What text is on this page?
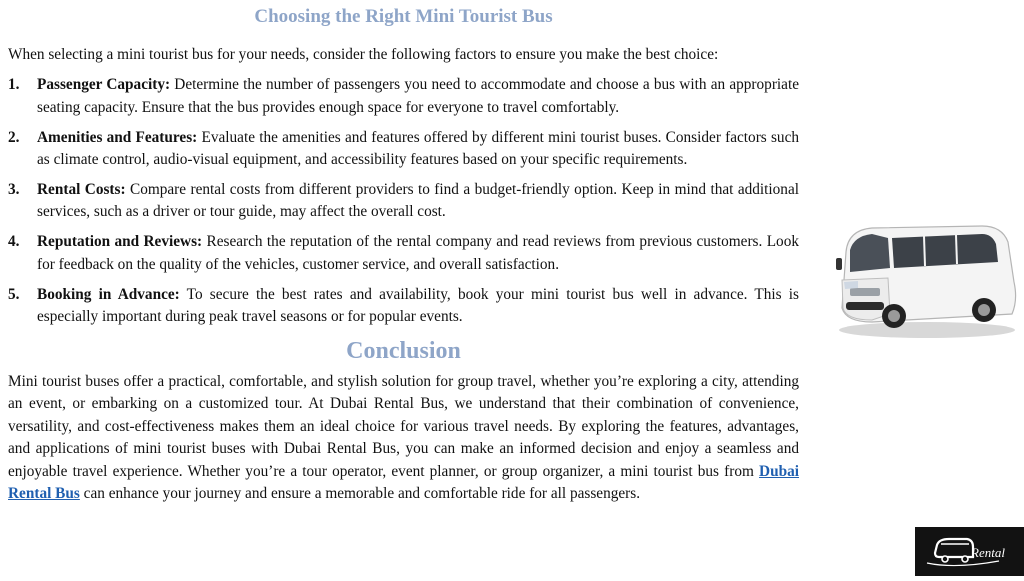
Choosing the Right Mini Tourist Bus

When selecting a mini tourist bus for your needs, consider the following factors to ensure you make the best choice:

1. Passenger Capacity: Determine the number of passengers you need to accommodate and choose a bus with an appropriate seating capacity. Ensure that the bus provides enough space for everyone to travel comfortably.
2. Amenities and Features: Evaluate the amenities and features offered by different mini tourist buses. Consider factors such as climate control, audio-visual equipment, and accessibility features based on your specific requirements.
3. Rental Costs: Compare rental costs from different providers to find a budget-friendly option. Keep in mind that additional services, such as a driver or tour guide, may affect the overall cost.
4. Reputation and Reviews: Research the reputation of the rental company and read reviews from previous customers. Look for feedback on the quality of the vehicles, customer service, and overall satisfaction.
5. Booking in Advance: To secure the best rates and availability, book your mini tourist bus well in advance. This is especially important during peak travel seasons or for popular events.
Conclusion

Mini tourist buses offer a practical, comfortable, and stylish solution for group travel, whether you’re exploring a city, attending an event, or embarking on a customized tour. At Dubai Rental Bus, we understand that their combination of convenience, versatility, and cost-effectiveness makes them an ideal choice for various travel needs. By exploring the features, advantages, and applications of mini tourist buses with Dubai Rental Bus, you can make an informed decision and enjoy a seamless and enjoyable travel experience. Whether you’re a tour operator, event planner, or group organizer, a mini tourist bus from Dubai Rental Bus can enhance your journey and ensure a memorable and comfortable ride for all passengers.

Rental
